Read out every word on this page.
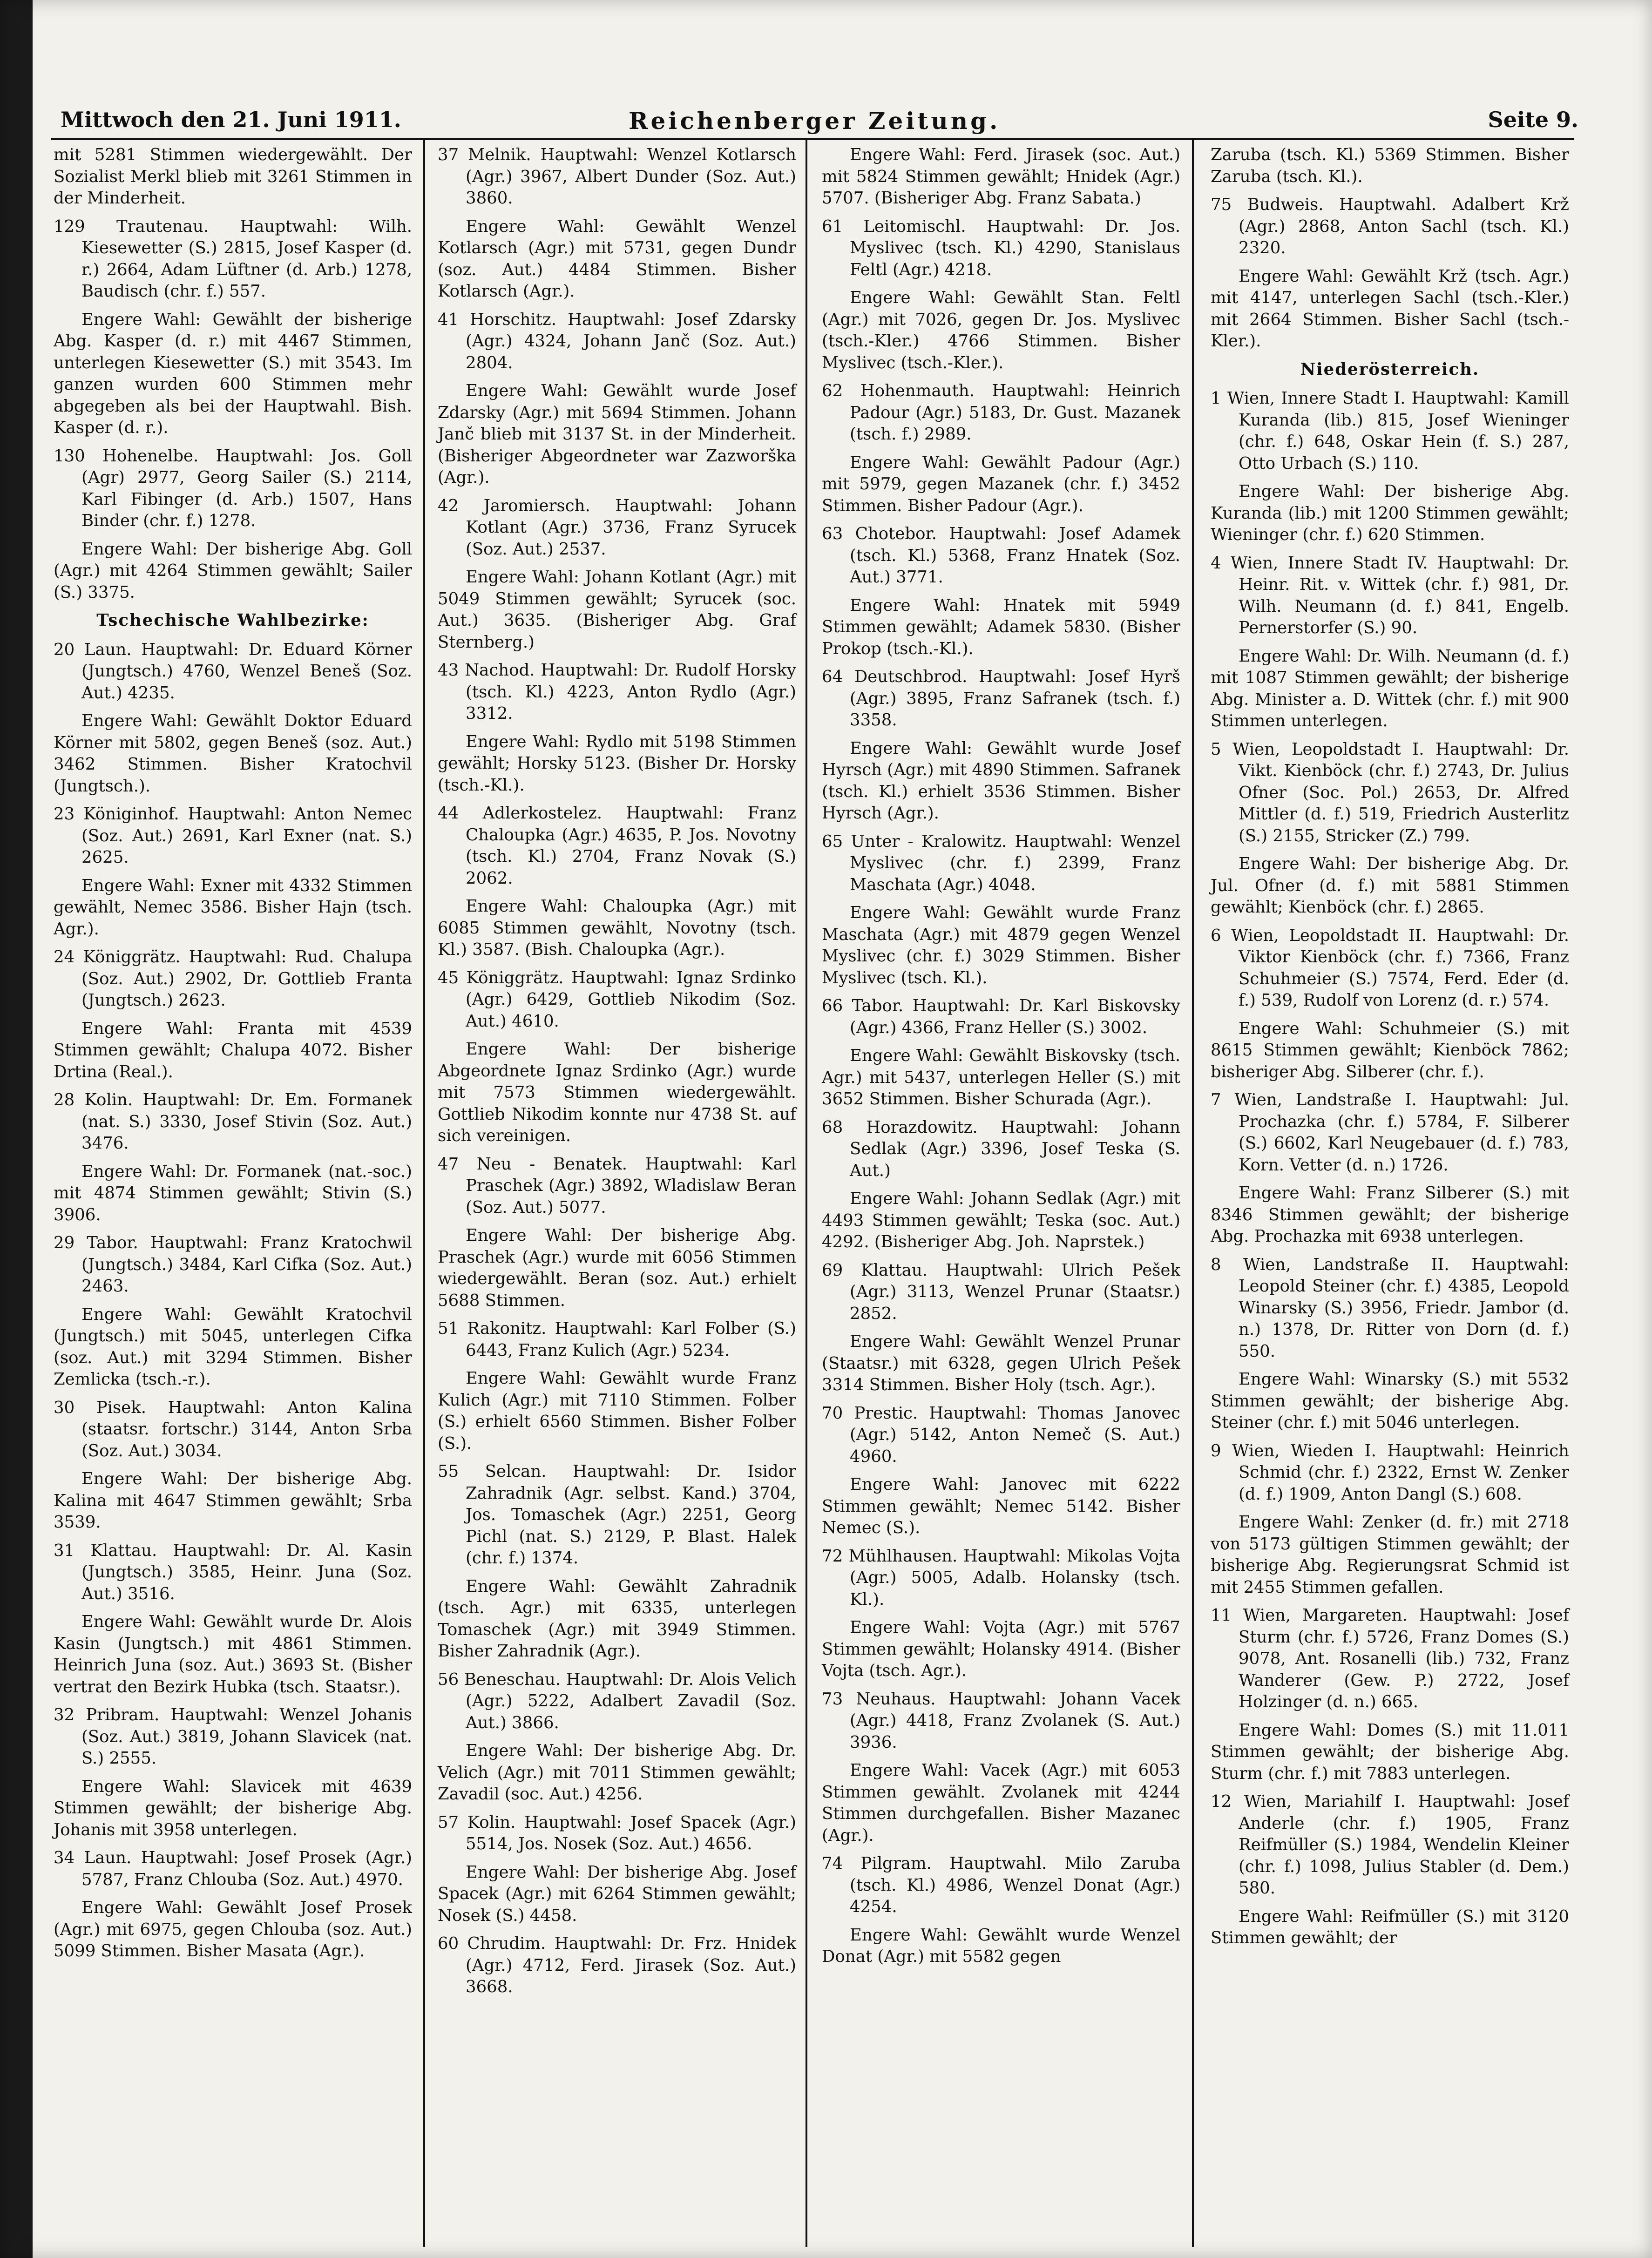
Mittwoch den 21. Juni 1911.	Reichenberger Zeitung.	Seite 9.

mit 5281 Stimmen wiedergewählt. Der Sozialist Merkl blieb mit 3261 Stimmen in der Minderheit.

129 Trautenau. Hauptwahl: Wilh. Kiesewetter (S.) 2815, Josef Kasper (d. r.) 2664, Adam Lüftner (d. Arb.) 1278, Baudisch (chr. f.) 557.

Engere Wahl: Gewählt der bisherige Abg. Kasper (d. r.) mit 4467 Stimmen, unterlegen Kiesewetter (S.) mit 3543. Im ganzen wurden 600 Stimmen mehr abgegeben als bei der Hauptwahl. Bish. Kasper (d. r.).

130 Hohenelbe. Hauptwahl: Jos. Goll (Agr) 2977, Georg Sailer (S.) 2114, Karl Fibinger (d. Arb.) 1507, Hans Binder (chr. f.) 1278.

Engere Wahl: Der bisherige Abg. Goll (Agr.) mit 4264 Stimmen gewählt; Sailer (S.) 3375.

Tschechische Wahlbezirke:

20 Laun. Hauptwahl: Dr. Eduard Körner (Jungtsch.) 4760, Wenzel Beneš (Soz. Aut.) 4235.

Engere Wahl: Gewählt Doktor Eduard Körner mit 5802, gegen Beneš (soz. Aut.) 3462 Stimmen. Bisher Kratochvil (Jungtsch.).

23 Königinhof. Hauptwahl: Anton Nemec (Soz. Aut.) 2691, Karl Exner (nat. S.) 2625.

Engere Wahl: Exner mit 4332 Stimmen gewählt, Nemec 3586. Bisher Hajn (tsch. Agr.).

24 Königgrätz. Hauptwahl: Rud. Chalupa (Soz. Aut.) 2902, Dr. Gottlieb Franta (Jungtsch.) 2623.

Engere Wahl: Franta mit 4539 Stimmen gewählt; Chalupa 4072. Bisher Drtina (Real.).

28 Kolin. Hauptwahl: Dr. Em. Formanek (nat. S.) 3330, Josef Stivin (Soz. Aut.) 3476.

Engere Wahl: Dr. Formanek (nat.-soc.) mit 4874 Stimmen gewählt; Stivin (S.) 3906.

29 Tabor. Hauptwahl: Franz Kratochwil (Jungtsch.) 3484, Karl Cifka (Soz. Aut.) 2463.

Engere Wahl: Gewählt Kratochvil (Jungtsch.) mit 5045, unterlegen Cifka (soz. Aut.) mit 3294 Stimmen. Bisher Zemlicka (tsch.-r.).

30 Pisek. Hauptwahl: Anton Kalina (staatsr. fortschr.) 3144, Anton Srba (Soz. Aut.) 3034.

Engere Wahl: Der bisherige Abg. Kalina mit 4647 Stimmen gewählt; Srba 3539.

31 Klattau. Hauptwahl: Dr. Al. Kasin (Jungtsch.) 3585, Heinr. Juna (Soz. Aut.) 3516.

Engere Wahl: Gewählt wurde Dr. Alois Kasin (Jungtsch.) mit 4861 Stimmen. Heinrich Juna (soz. Aut.) 3693 St. (Bisher vertrat den Bezirk Hubka (tsch. Staatsr.).

32 Pribram. Hauptwahl: Wenzel Johanis (Soz. Aut.) 3819, Johann Slavicek (nat. S.) 2555.

Engere Wahl: Slavicek mit 4639 Stimmen gewählt; der bisherige Abg. Johanis mit 3958 unterlegen.

34 Laun. Hauptwahl: Josef Prosek (Agr.) 5787, Franz Chlouba (Soz. Aut.) 4970.

Engere Wahl: Gewählt Josef Prosek (Agr.) mit 6975, gegen Chlouba (soz. Aut.) 5099 Stimmen. Bisher Masata (Agr.).

37 Melnik. Hauptwahl: Wenzel Kotlarsch (Agr.) 3967, Albert Dunder (Soz. Aut.) 3860.

Engere Wahl: Gewählt Wenzel Kotlarsch (Agr.) mit 5731, gegen Dundr (soz. Aut.) 4484 Stimmen. Bisher Kotlarsch (Agr.).

41 Horschitz. Hauptwahl: Josef Zdarsky (Agr.) 4324, Johann Janč (Soz. Aut.) 2804.

Engere Wahl: Gewählt wurde Josef Zdarsky (Agr.) mit 5694 Stimmen. Johann Janč blieb mit 3137 St. in der Minderheit. (Bisheriger Abgeordneter war Zazworška (Agr.).

42 Jaromiersch. Hauptwahl: Johann Kotlant (Agr.) 3736, Franz Syrucek (Soz. Aut.) 2537.

Engere Wahl: Johann Kotlant (Agr.) mit 5049 Stimmen gewählt; Syrucek (soc. Aut.) 3635. (Bisheriger Abg. Graf Sternberg.)

43 Nachod. Hauptwahl: Dr. Rudolf Horsky (tsch. Kl.) 4223, Anton Rydlo (Agr.) 3312.

Engere Wahl: Rydlo mit 5198 Stimmen gewählt; Horsky 5123. (Bisher Dr. Horsky (tsch.-Kl.).

44 Adlerkostelez. Hauptwahl: Franz Chaloupka (Agr.) 4635, P. Jos. Novotny (tsch. Kl.) 2704, Franz Novak (S.) 2062.

Engere Wahl: Chaloupka (Agr.) mit 6085 Stimmen gewählt, Novotny (tsch. Kl.) 3587. (Bish. Chaloupka (Agr.).

45 Königgrätz. Hauptwahl: Ignaz Srdinko (Agr.) 6429, Gottlieb Nikodim (Soz. Aut.) 4610.

Engere Wahl: Der bisherige Abgeordnete Ignaz Srdinko (Agr.) wurde mit 7573 Stimmen wiedergewählt. Gottlieb Nikodim konnte nur 4738 St. auf sich vereinigen.

47 Neu - Benatek. Hauptwahl: Karl Praschek (Agr.) 3892, Wladislaw Beran (Soz. Aut.) 5077.

Engere Wahl: Der bisherige Abg. Praschek (Agr.) wurde mit 6056 Stimmen wiedergewählt. Beran (soz. Aut.) erhielt 5688 Stimmen.

51 Rakonitz. Hauptwahl: Karl Folber (S.) 6443, Franz Kulich (Agr.) 5234.

Engere Wahl: Gewählt wurde Franz Kulich (Agr.) mit 7110 Stimmen. Folber (S.) erhielt 6560 Stimmen. Bisher Folber (S.).

55 Selcan. Hauptwahl: Dr. Isidor Zahradnik (Agr. selbst. Kand.) 3704, Jos. Tomaschek (Agr.) 2251, Georg Pichl (nat. S.) 2129, P. Blast. Halek (chr. f.) 1374.

Engere Wahl: Gewählt Zahradnik (tsch. Agr.) mit 6335, unterlegen Tomaschek (Agr.) mit 3949 Stimmen. Bisher Zahradnik (Agr.).

56 Beneschau. Hauptwahl: Dr. Alois Velich (Agr.) 5222, Adalbert Zavadil (Soz. Aut.) 3866.

Engere Wahl: Der bisherige Abg. Dr. Velich (Agr.) mit 7011 Stimmen gewählt; Zavadil (soc. Aut.) 4256.

57 Kolin. Hauptwahl: Josef Spacek (Agr.) 5514, Jos. Nosek (Soz. Aut.) 4656.

Engere Wahl: Der bisherige Abg. Josef Spacek (Agr.) mit 6264 Stimmen gewählt; Nosek (S.) 4458.

60 Chrudim. Hauptwahl: Dr. Frz. Hnidek (Agr.) 4712, Ferd. Jirasek (Soz. Aut.) 3668.

Engere Wahl: Ferd. Jirasek (soc. Aut.) mit 5824 Stimmen gewählt; Hnidek (Agr.) 5707. (Bisheriger Abg. Franz Sabata.)

61 Leitomischl. Hauptwahl: Dr. Jos. Myslivec (tsch. Kl.) 4290, Stanislaus Feltl (Agr.) 4218.

Engere Wahl: Gewählt Stan. Feltl (Agr.) mit 7026, gegen Dr. Jos. Myslivec (tsch.-Kler.) 4766 Stimmen. Bisher Myslivec (tsch.-Kler.).

62 Hohenmauth. Hauptwahl: Heinrich Padour (Agr.) 5183, Dr. Gust. Mazanek (tsch. f.) 2989.

Engere Wahl: Gewählt Padour (Agr.) mit 5979, gegen Mazanek (chr. f.) 3452 Stimmen. Bisher Padour (Agr.).

63 Chotebor. Hauptwahl: Josef Adamek (tsch. Kl.) 5368, Franz Hnatek (Soz. Aut.) 3771.

Engere Wahl: Hnatek mit 5949 Stimmen gewählt; Adamek 5830. (Bisher Prokop (tsch.-Kl.).

64 Deutschbrod. Hauptwahl: Josef Hyrš (Agr.) 3895, Franz Safranek (tsch. f.) 3358.

Engere Wahl: Gewählt wurde Josef Hyrsch (Agr.) mit 4890 Stimmen. Safranek (tsch. Kl.) erhielt 3536 Stimmen. Bisher Hyrsch (Agr.).

65 Unter - Kralowitz. Hauptwahl: Wenzel Myslivec (chr. f.) 2399, Franz Maschata (Agr.) 4048.

Engere Wahl: Gewählt wurde Franz Maschata (Agr.) mit 4879 gegen Wenzel Myslivec (chr. f.) 3029 Stimmen. Bisher Myslivec (tsch. Kl.).

66 Tabor. Hauptwahl: Dr. Karl Biskovsky (Agr.) 4366, Franz Heller (S.) 3002.

Engere Wahl: Gewählt Biskovsky (tsch. Agr.) mit 5437, unterlegen Heller (S.) mit 3652 Stimmen. Bisher Schurada (Agr.).

68 Horazdowitz. Hauptwahl: Johann Sedlak (Agr.) 3396, Josef Teska (S. Aut.)

Engere Wahl: Johann Sedlak (Agr.) mit 4493 Stimmen gewählt; Teska (soc. Aut.) 4292. (Bisheriger Abg. Joh. Naprstek.)

69 Klattau. Hauptwahl: Ulrich Pešek (Agr.) 3113, Wenzel Prunar (Staatsr.) 2852.

Engere Wahl: Gewählt Wenzel Prunar (Staatsr.) mit 6328, gegen Ulrich Pešek 3314 Stimmen. Bisher Holy (tsch. Agr.).

70 Prestic. Hauptwahl: Thomas Janovec (Agr.) 5142, Anton Nemeč (S. Aut.) 4960.

Engere Wahl: Janovec mit 6222 Stimmen gewählt; Nemec 5142. Bisher Nemec (S.).

72 Mühlhausen. Hauptwahl: Mikolas Vojta (Agr.) 5005, Adalb. Holansky (tsch. Kl.).

Engere Wahl: Vojta (Agr.) mit 5767 Stimmen gewählt; Holansky 4914. (Bisher Vojta (tsch. Agr.).

73 Neuhaus. Hauptwahl: Johann Vacek (Agr.) 4418, Franz Zvolanek (S. Aut.) 3936.

Engere Wahl: Vacek (Agr.) mit 6053 Stimmen gewählt. Zvolanek mit 4244 Stimmen durchgefallen. Bisher Mazanec (Agr.).

74 Pilgram. Hauptwahl. Milo Zaruba (tsch. Kl.) 4986, Wenzel Donat (Agr.) 4254.

Engere Wahl: Gewählt wurde Wenzel Donat (Agr.) mit 5582 gegen

Zaruba (tsch. Kl.) 5369 Stimmen. Bisher Zaruba (tsch. Kl.).

75 Budweis. Hauptwahl. Adalbert Krž (Agr.) 2868, Anton Sachl (tsch. Kl.) 2320.

Engere Wahl: Gewählt Krž (tsch. Agr.) mit 4147, unterlegen Sachl (tsch.-Kler.) mit 2664 Stimmen. Bisher Sachl (tsch.-Kler.).

Niederösterreich.

1 Wien, Innere Stadt I. Hauptwahl: Kamill Kuranda (lib.) 815, Josef Wieninger (chr. f.) 648, Oskar Hein (f. S.) 287, Otto Urbach (S.) 110.

Engere Wahl: Der bisherige Abg. Kuranda (lib.) mit 1200 Stimmen gewählt; Wieninger (chr. f.) 620 Stimmen.

4 Wien, Innere Stadt IV. Hauptwahl: Dr. Heinr. Rit. v. Wittek (chr. f.) 981, Dr. Wilh. Neumann (d. f.) 841, Engelb. Pernerstorfer (S.) 90.

Engere Wahl: Dr. Wilh. Neumann (d. f.) mit 1087 Stimmen gewählt; der bisherige Abg. Minister a. D. Wittek (chr. f.) mit 900 Stimmen unterlegen.

5 Wien, Leopoldstadt I. Hauptwahl: Dr. Vikt. Kienböck (chr. f.) 2743, Dr. Julius Ofner (Soc. Pol.) 2653, Dr. Alfred Mittler (d. f.) 519, Friedrich Austerlitz (S.) 2155, Stricker (Z.) 799.

Engere Wahl: Der bisherige Abg. Dr. Jul. Ofner (d. f.) mit 5881 Stimmen gewählt; Kienböck (chr. f.) 2865.

6 Wien, Leopoldstadt II. Hauptwahl: Dr. Viktor Kienböck (chr. f.) 7366, Franz Schuhmeier (S.) 7574, Ferd. Eder (d. f.) 539, Rudolf von Lorenz (d. r.) 574.

Engere Wahl: Schuhmeier (S.) mit 8615 Stimmen gewählt; Kienböck 7862; bisheriger Abg. Silberer (chr. f.).

7 Wien, Landstraße I. Hauptwahl: Jul. Prochazka (chr. f.) 5784, F. Silberer (S.) 6602, Karl Neugebauer (d. f.) 783, Korn. Vetter (d. n.) 1726.

Engere Wahl: Franz Silberer (S.) mit 8346 Stimmen gewählt; der bisherige Abg. Prochazka mit 6938 unterlegen.

8 Wien, Landstraße II. Hauptwahl: Leopold Steiner (chr. f.) 4385, Leopold Winarsky (S.) 3956, Friedr. Jambor (d. n.) 1378, Dr. Ritter von Dorn (d. f.) 550.

Engere Wahl: Winarsky (S.) mit 5532 Stimmen gewählt; der bisherige Abg. Steiner (chr. f.) mit 5046 unterlegen.

9 Wien, Wieden I. Hauptwahl: Heinrich Schmid (chr. f.) 2322, Ernst W. Zenker (d. f.) 1909, Anton Dangl (S.) 608.

Engere Wahl: Zenker (d. fr.) mit 2718 von 5173 gültigen Stimmen gewählt; der bisherige Abg. Regierungsrat Schmid ist mit 2455 Stimmen gefallen.

11 Wien, Margareten. Hauptwahl: Josef Sturm (chr. f.) 5726, Franz Domes (S.) 9078, Ant. Rosanelli (lib.) 732, Franz Wanderer (Gew. P.) 2722, Josef Holzinger (d. n.) 665.

Engere Wahl: Domes (S.) mit 11.011 Stimmen gewählt; der bisherige Abg. Sturm (chr. f.) mit 7883 unterlegen.

12 Wien, Mariahilf I. Hauptwahl: Josef Anderle (chr. f.) 1905, Franz Reifmüller (S.) 1984, Wendelin Kleiner (chr. f.) 1098, Julius Stabler (d. Dem.) 580.

Engere Wahl: Reifmüller (S.) mit 3120 Stimmen gewählt; der
